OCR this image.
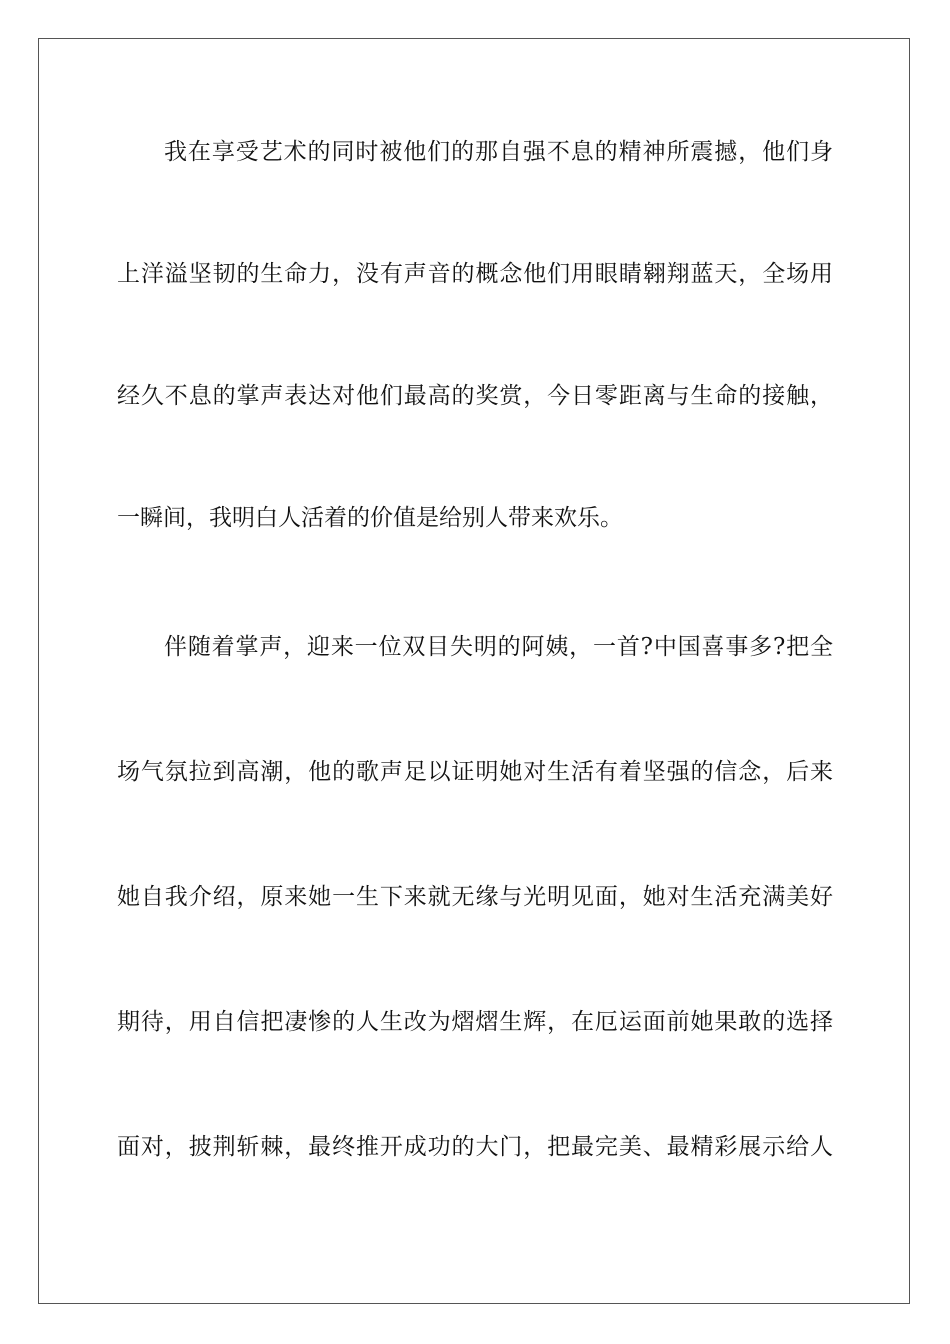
我在享受艺术的同时被他们的那自强不息的精神所震撼，他们身
上洋溢坚韧的生命力，没有声音的概念他们用眼睛翱翔蓝天，全场用
经久不息的掌声表达对他们最高的奖赏，今日零距离与生命的接触，
一瞬间，我明白人活着的价值是给别人带来欢乐。
伴随着掌声，迎来一位双目失明的阿姨，一首?中国喜事多?把全
场气氛拉到高潮，他的歌声足以证明她对生活有着坚强的信念，后来
她自我介绍，原来她一生下来就无缘与光明见面，她对生活充满美好
期待，用自信把凄惨的人生改为熠熠生辉，在厄运面前她果敢的选择
面对，披荆斩棘，最终推开成功的大门，把最完美、最精彩展示给人
